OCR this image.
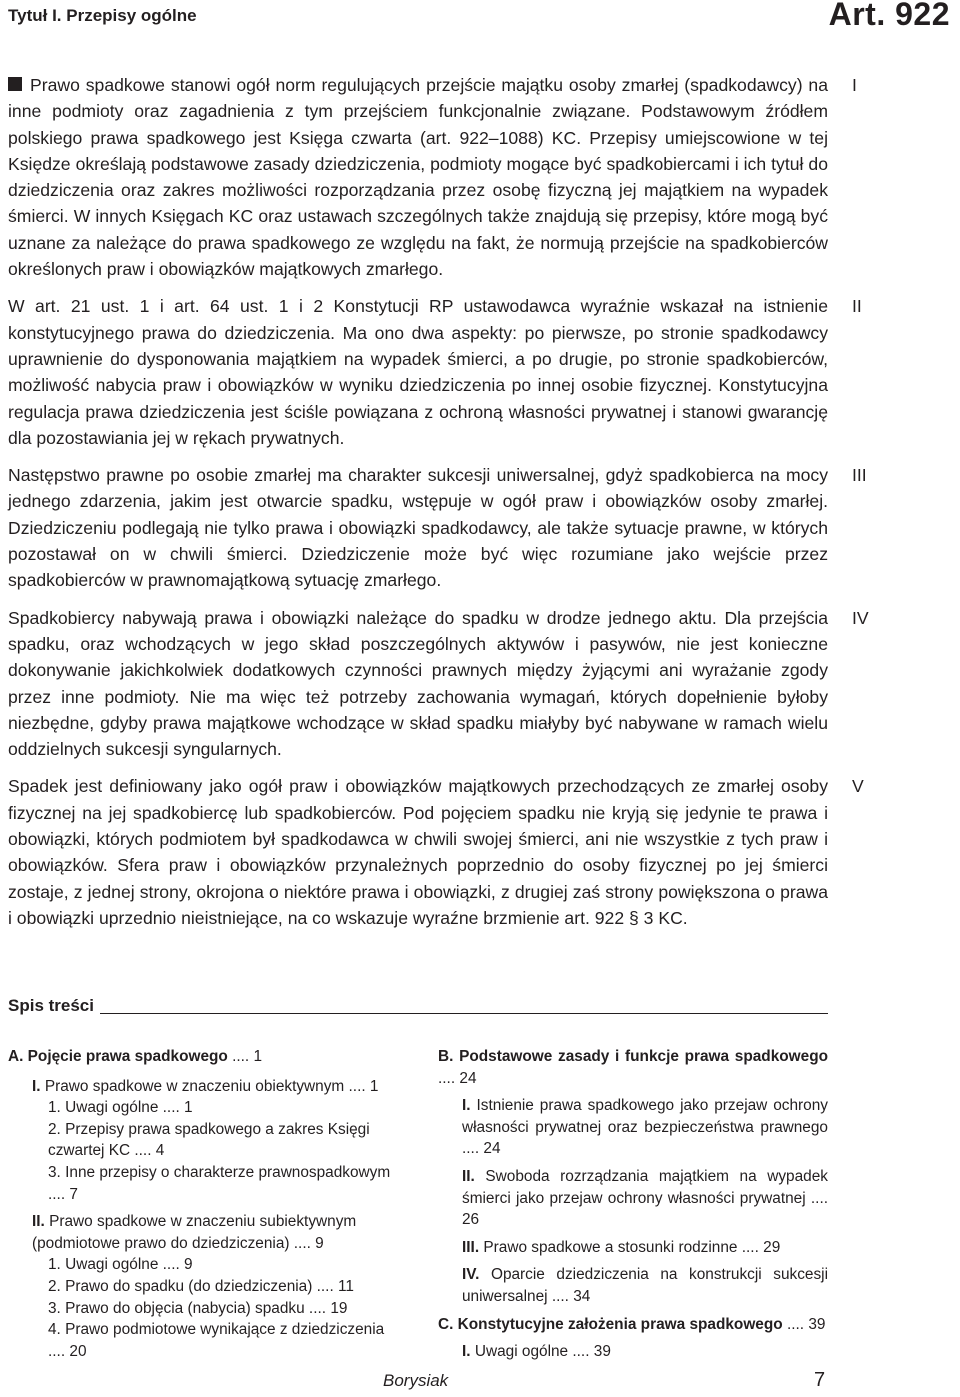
Tytuł I. Przepisy ogólne	Art. 922
I

Prawo spadkowe stanowi ogół norm regulujących przejście majątku osoby zmarłej (spadkodawcy) na inne podmioty oraz zagadnienia z tym przejściem funkcjonalnie związane. Podstawowym źródłem polskiego prawa spadkowego jest Księga czwarta (art. 922–1088) KC. Przepisy umiejscowione w tej Księdze określają podstawowe zasady dziedziczenia, podmioty mogące być spadkobiercami i ich tytuł do dziedziczenia oraz zakres możliwości rozporządzania przez osobę fizyczną jej majątkiem na wypadek śmierci. W innych Księgach KC oraz ustawach szczególnych także znajdują się przepisy, które mogą być uznane za należące do prawa spadkowego ze względu na fakt, że normują przejście na spadkobierców określonych praw i obowiązków majątkowych zmarłego.

II

W art. 21 ust. 1 i art. 64 ust. 1 i 2 Konstytucji RP ustawodawca wyraźnie wskazał na istnienie konstytucyjnego prawa do dziedziczenia. Ma ono dwa aspekty: po pierwsze, po stronie spadkodawcy uprawnienie do dysponowania majątkiem na wypadek śmierci, a po drugie, po stronie spadkobierców, możliwość nabycia praw i obowiązków w wyniku dziedziczenia po innej osobie fizycznej. Konstytucyjna regulacja prawa dziedziczenia jest ściśle powiązana z ochroną własności prywatnej i stanowi gwarancję dla pozostawiania jej w rękach prywatnych.

III

Następstwo prawne po osobie zmarłej ma charakter sukcesji uniwersalnej, gdyż spadkobierca na mocy jednego zdarzenia, jakim jest otwarcie spadku, wstępuje w ogół praw i obowiązków osoby zmarłej. Dziedziczeniu podlegają nie tylko prawa i obowiązki spadkodawcy, ale także sytuacje prawne, w których pozostawał on w chwili śmierci. Dziedziczenie może być więc rozumiane jako wejście przez spadkobierców w prawnomajątkową sytuację zmarłego.

IV

Spadkobiercy nabywają prawa i obowiązki należące do spadku w drodze jednego aktu. Dla przejścia spadku, oraz wchodzących w jego skład poszczególnych aktywów i pasywów, nie jest konieczne dokonywanie jakichkolwiek dodatkowych czynności prawnych między żyjącymi ani wyrażanie zgody przez inne podmioty. Nie ma więc też potrzeby zachowania wymagań, których dopełnienie byłoby niezbędne, gdyby prawa majątkowe wchodzące w skład spadku miałyby być nabywane w ramach wielu oddzielnych sukcesji syngularnych.

V

Spadek jest definiowany jako ogół praw i obowiązków majątkowych przechodzących ze zmarłej osoby fizycznej na jej spadkobiercę lub spadkobierców. Pod pojęciem spadku nie kryją się jedynie te prawa i obowiązki, których podmiotem był spadkodawca w chwili swojej śmierci, ani nie wszystkie z tych praw i obowiązków. Sfera praw i obowiązków przynależnych poprzednio do osoby fizycznej po jej śmierci zostaje, z jednej strony, okrojona o niektóre prawa i obowiązki, z drugiej zaś strony powiększona o prawa i obowiązki uprzednio nieistniejące, na co wskazuje wyraźne brzmienie art. 922 § 3 KC.

Spis treści
A. Pojęcie prawa spadkowego .... 1
I. Prawo spadkowe w znaczeniu obiektywnym .... 1
1. Uwagi ogólne .... 1
2. Przepisy prawa spadkowego a zakres Księgi czwartej KC .... 4
3. Inne przepisy o charakterze prawnospadkowym .... 7
II. Prawo spadkowe w znaczeniu subiektywnym (podmiotowe prawo do dziedziczenia) .... 9
1. Uwagi ogólne .... 9
2. Prawo do spadku (do dziedziczenia) .... 11
3. Prawo do objęcia (nabycia) spadku .... 19
4. Prawo podmiotowe wynikające z dziedziczenia .... 20
B. Podstawowe zasady i funkcje prawa spadkowego .... 24
I. Istnienie prawa spadkowego jako przejaw ochrony własności prywatnej oraz bezpieczeństwa prawnego .... 24
II. Swoboda rozrządzania majątkiem na wypadek śmierci jako przejaw ochrony własności prywatnej .... 26
III. Prawo spadkowe a stosunki rodzinne .... 29
IV. Oparcie dziedziczenia na konstrukcji sukcesji uniwersalnej .... 34
C. Konstytucyjne założenia prawa spadkowego .... 39
I. Uwagi ogólne .... 39
Borysiak	7
